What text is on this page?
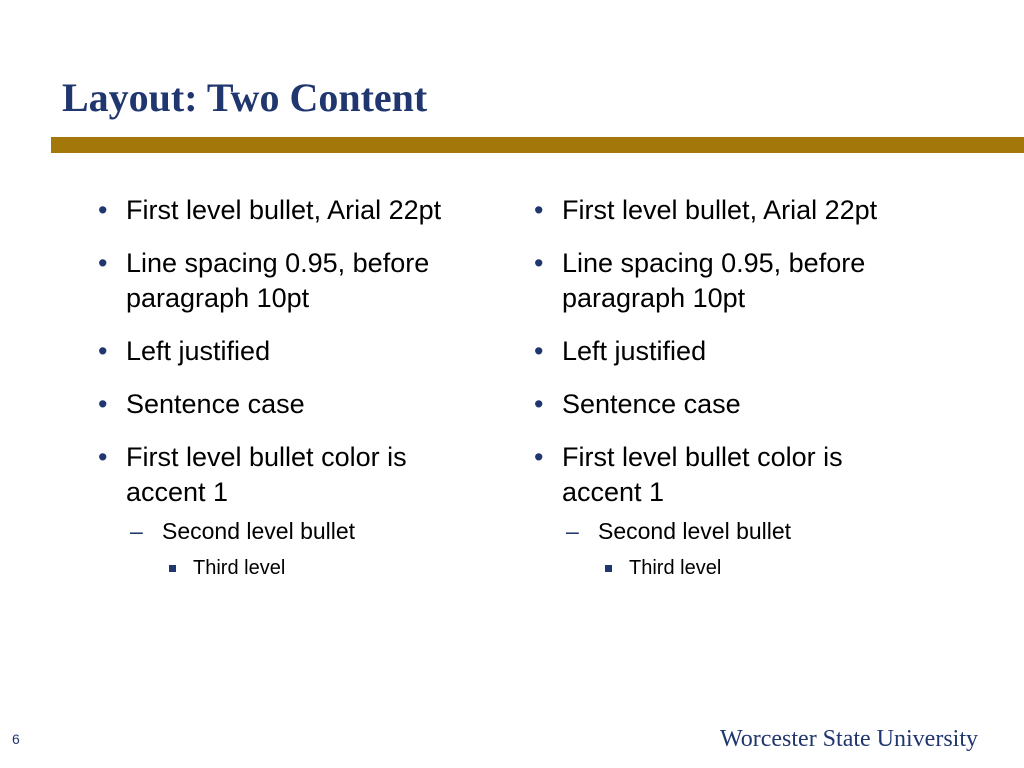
Layout: Two Content
• First level bullet, Arial 22pt
• Line spacing 0.95, before paragraph 10pt
• Left justified
• Sentence case
• First level bullet color is accent 1
– Second level bullet
Third level
• First level bullet, Arial 22pt
• Line spacing 0.95, before paragraph 10pt
• Left justified
• Sentence case
• First level bullet color is accent 1
– Second level bullet
Third level
6	Worcester State University
